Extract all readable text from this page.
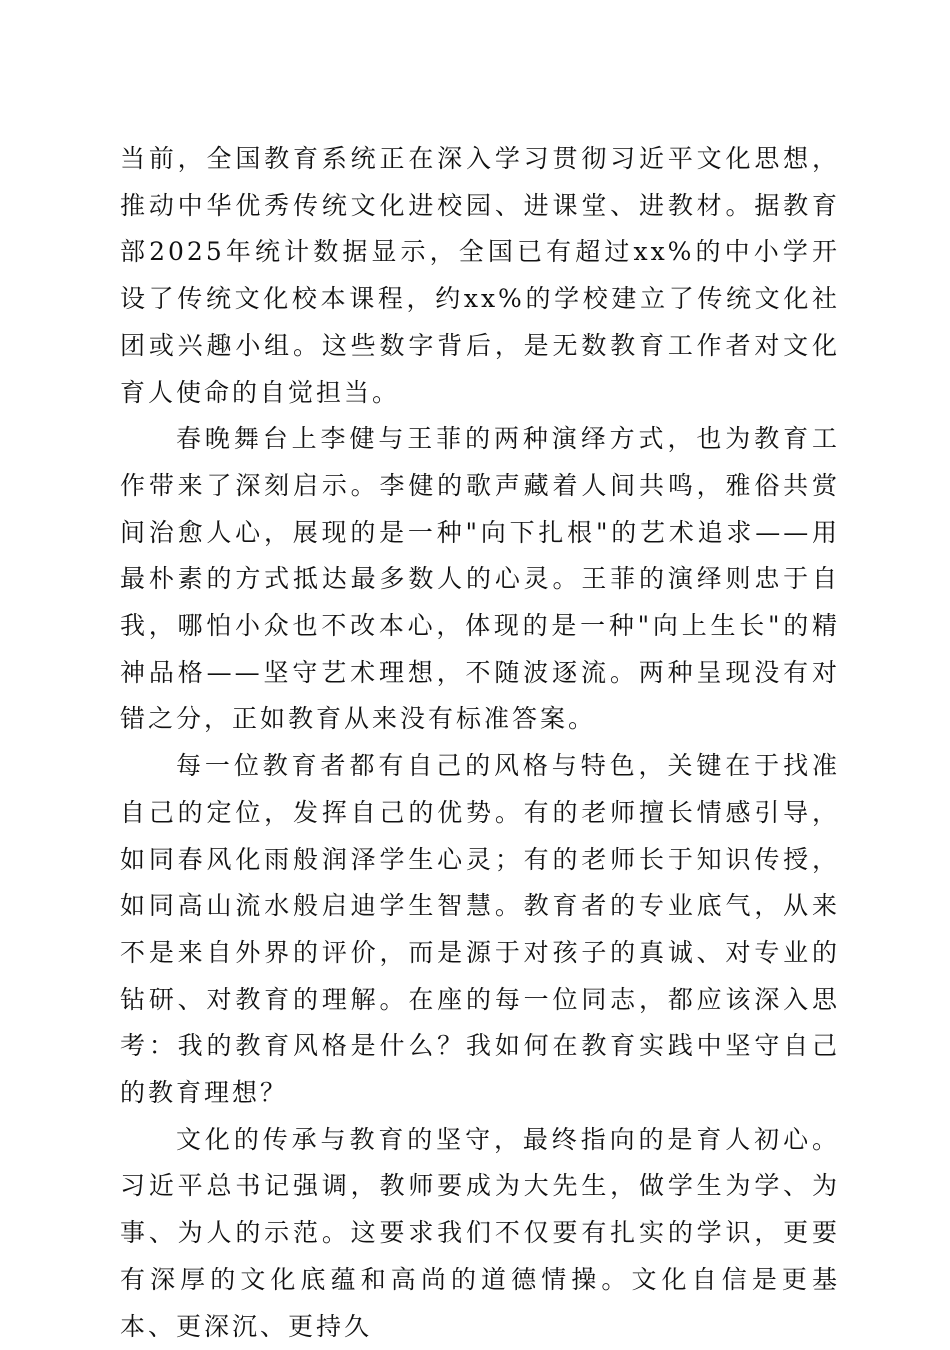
当前，全国教育系统正在深入学习贯彻习近平文化思想，推动中华优秀传统文化进校园、进课堂、进教材。据教育部2025年统计数据显示，全国已有超过xx%的中小学开设了传统文化校本课程，约xx%的学校建立了传统文化社团或兴趣小组。这些数字背后，是无数教育工作者对文化育人使命的自觉担当。

春晚舞台上李健与王菲的两种演绎方式，也为教育工作带来了深刻启示。李健的歌声藏着人间共鸣，雅俗共赏间治愈人心，展现的是一种"向下扎根"的艺术追求——用最朴素的方式抵达最多数人的心灵。王菲的演绎则忠于自我，哪怕小众也不改本心，体现的是一种"向上生长"的精神品格——坚守艺术理想，不随波逐流。两种呈现没有对错之分，正如教育从来没有标准答案。

每一位教育者都有自己的风格与特色，关键在于找准自己的定位，发挥自己的优势。有的老师擅长情感引导，如同春风化雨般润泽学生心灵；有的老师长于知识传授，如同高山流水般启迪学生智慧。教育者的专业底气，从来不是来自外界的评价，而是源于对孩子的真诚、对专业的钻研、对教育的理解。在座的每一位同志，都应该深入思考：我的教育风格是什么？我如何在教育实践中坚守自己的教育理想？

文化的传承与教育的坚守，最终指向的是育人初心。习近平总书记强调，教师要成为大先生，做学生为学、为事、为人的示范。这要求我们不仅要有扎实的学识，更要有深厚的文化底蕴和高尚的道德情操。文化自信是更基本、更深沉、更持久
